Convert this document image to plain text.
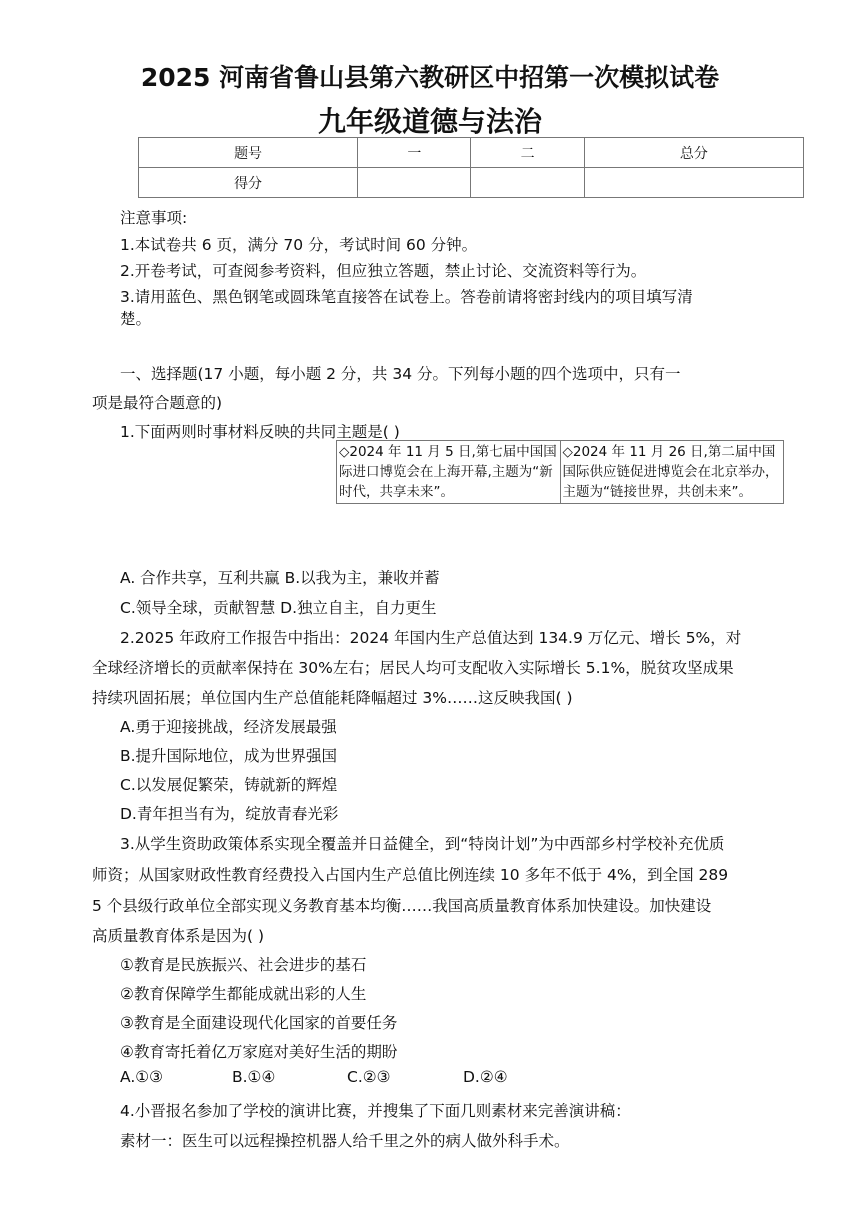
2025 河南省鲁山县第六教研区中招第一次模拟试卷
九年级道德与法治
题号	一	二	总分
得分			
注意事项:
1.本试卷共 6 页，满分 70 分，考试时间 60 分钟。
2.开卷考试，可查阅参考资料，但应独立答题，禁止讨论、交流资料等行为。
3.请用蓝色、黑色钢笔或圆珠笔直接答在试卷上。答卷前请将密封线内的项目填写清
楚。
一、选择题(17 小题，每小题 2 分，共 34 分。下列每小题的四个选项中，只有一
项是最符合题意的)
1.下面两则时事材料反映的共同主题是( )
◇2024 年 11 月 5 日,第七届中国国际进口博览会在上海开幕,主题为“新时代，共享未来”。	◇2024 年 11 月 26 日,第二届中国国际供应链促进博览会在北京举办，主题为“链接世界，共创未来”。
A. 合作共享，互利共赢 B.以我为主，兼收并蓄
C.领导全球，贡献智慧 D.独立自主，自力更生
2.2025 年政府工作报告中指出：2024 年国内生产总值达到 134.9 万亿元、增长 5%，对
全球经济增长的贡献率保持在 30%左右；居民人均可支配收入实际增长 5.1%，脱贫攻坚成果
持续巩固拓展；单位国内生产总值能耗降幅超过 3%……这反映我国( )
A.勇于迎接挑战，经济发展最强
B.提升国际地位，成为世界强国
C.以发展促繁荣，铸就新的辉煌
D.青年担当有为，绽放青春光彩
3.从学生资助政策体系实现全覆盖并日益健全，到“特岗计划”为中西部乡村学校补充优质
师资；从国家财政性教育经费投入占国内生产总值比例连续 10 多年不低于 4%，到全国 289
5 个县级行政单位全部实现义务教育基本均衡……我国高质量教育体系加快建设。加快建设
高质量教育体系是因为( )
①教育是民族振兴、社会进步的基石
②教育保障学生都能成就出彩的人生
③教育是全面建设现代化国家的首要任务
④教育寄托着亿万家庭对美好生活的期盼
A.①③	B.①④	C.②③	D.②④
4.小晋报名参加了学校的演讲比赛，并搜集了下面几则素材来完善演讲稿：
素材一：医生可以远程操控机器人给千里之外的病人做外科手术。
